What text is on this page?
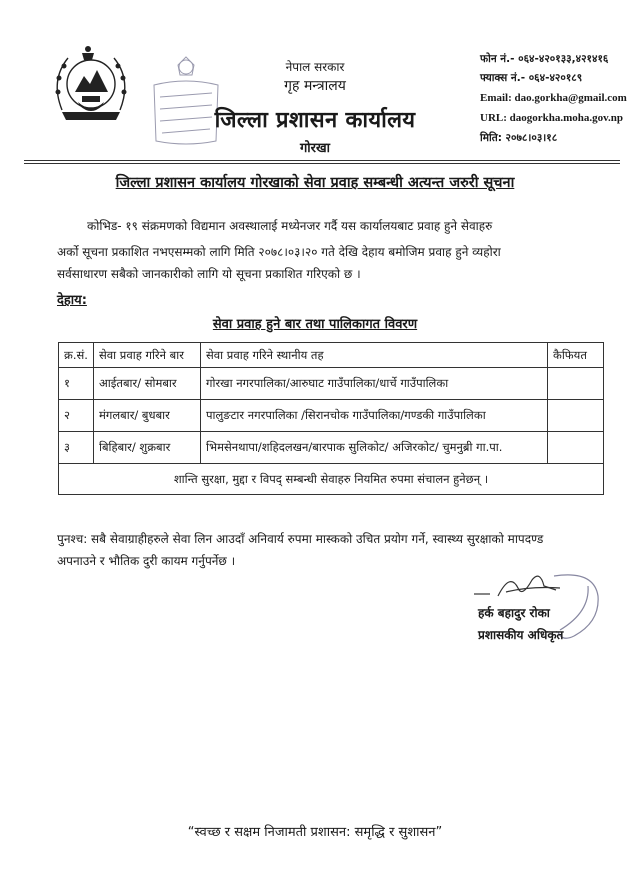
नेपाल सरकार
गृह मन्त्रालय
जिल्ला प्रशासन कार्यालय
गोरखा
फोन नं.- ०६४-४२०१३३,४२१४१६
फ्याक्स नं.- ०६४-४२०१८९
Email: dao.gorkha@gmail.com
URL: daogorkha.moha.gov.np
मिति: २०७८।०३।१८
जिल्ला प्रशासन कार्यालय गोरखाको सेवा प्रवाह सम्बन्धी अत्यन्त जरुरी सूचना
कोभिड- १९ संक्रमणको विद्यमान अवस्थालाई मध्येनजर गर्दै यस कार्यालयबाट प्रवाह हुने सेवाहरु
अर्को सूचना प्रकाशित नभएसम्मको लागि मिति २०७८।०३।२० गते देखि देहाय बमोजिम प्रवाह हुने व्यहोरा
सर्वसाधारण सबैको जानकारीको लागि यो सूचना प्रकाशित गरिएको छ ।
देहाय:
सेवा प्रवाह हुने बार तथा पालिकागत विवरण
क्र.सं.	सेवा प्रवाह गरिने बार	सेवा प्रवाह गरिने स्थानीय तह	कैफियत
१	आईतबार/ सोमबार	गोरखा नगरपालिका/आरुघाट गाउँपालिका/धार्चे गाउँपालिका	
२	मंगलबार/ बुधबार	पालुङटार नगरपालिका /सिरानचोक गाउँपालिका/गण्डकी गाउँपालिका	
३	बिहिबार/ शुक्रबार	भिमसेनथापा/शहिदलखन/बारपाक सुलिकोट/ अजिरकोट/ चुमनुब्री गा.पा.	
शान्ति सुरक्षा, मुद्दा र विपद् सम्बन्धी सेवाहरु नियमित रुपमा संचालन हुनेछन् ।			
पुनश्च: सबै सेवाग्राहीहरुले सेवा लिन आउदाँ अनिवार्य रुपमा मास्कको उचित प्रयोग गर्ने, स्वास्थ्य सुरक्षाको मापदण्ड
अपनाउने र भौतिक दुरी कायम गर्नुपर्नेछ ।
हर्क बहादुर रोका
प्रशासकीय अधिकृत
“स्वच्छ र सक्षम निजामती प्रशासन: समृद्धि र सुशासन”
